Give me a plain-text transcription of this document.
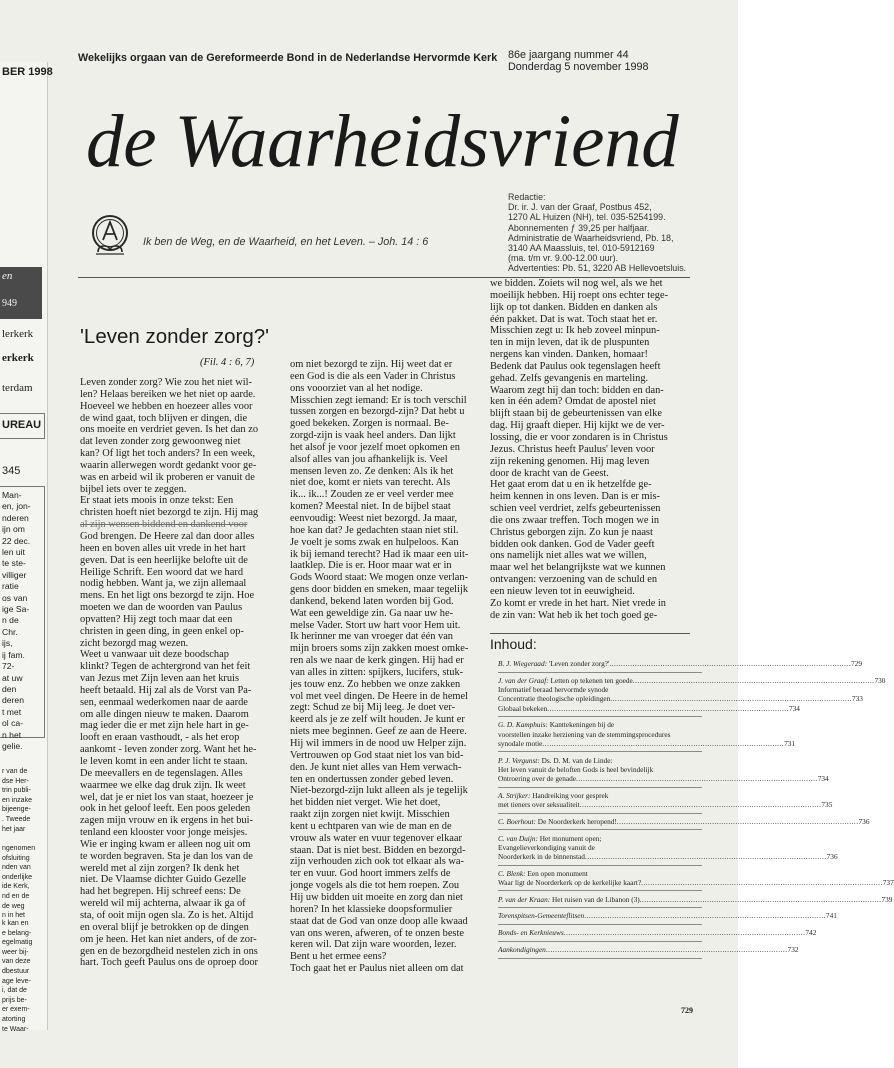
BER 1998
en
949
lerkerk
erkerk
terdam
UREAU
345
Man-
en, jon-
nderen
ijn om
22 dec.
len uit
te ste-
villiger
ratie
os van
ige Sa-
n de
Chr.
ijs,
ij fam.
72-
at uw
den
deren
t met
ol ca-
n het
gelie.
r van de
dse Her-
trin publi-
en inzake
bijeenge-
. Tweede
het jaar
ngenomen
ofsluiting
nden van
onderlijke
ide Kerk,
nd en de
de weg
n in het
k kan en
e belang-
egelmatig
weer bij-
van deze
dbestuur
age leve-
i, dat de
prijs be-
er exem-
atorting
te Waar-
Wekelijks orgaan van de Gereformeerde Bond in de Nederlandse Hervormde Kerk 86e jaargang nummer 44
Donderdag 5 november 1998
de Waarheidsvriend
Ik ben de Weg, en de Waarheid, en het Leven. – Joh. 14 : 6
Redactie:
Dr. ir. J. van der Graaf, Postbus 452,
1270 AL Huizen (NH), tel. 035-5254199.
Abonnementen ƒ 39,25 per halfjaar.
Administratie de Waarheidsvriend, Pb. 18,
3140 AA Maassluis, tel. 010-5912169
(ma. t/m vr. 9.00-12.00 uur).
Advertenties: Pb. 51, 3220 AB Hellevoetsluis.
'Leven zonder zorg?'
(Fil. 4 : 6, 7)
Leven zonder zorg? Wie zou het niet wil-
len? Helaas bereiken we het niet op aarde.
Hoeveel we hebben en hoezeer alles voor
de wind gaat, toch blijven er dingen, die
ons moeite en verdriet geven. Is het dan zo
dat leven zonder zorg gewoonweg niet
kan? Of ligt het toch anders? In een week,
waarin allerwegen wordt gedankt voor ge-
was en arbeid wil ik proberen er vanuit de
bijbel iets over te zeggen.
Er staat iets moois in onze tekst: Een
christen hoeft niet bezorgd te zijn. Hij mag
al zijn wensen biddend en dankend voor
God brengen. De Heere zal dan door alles
heen en boven alles uit vrede in het hart
geven. Dat is een heerlijke belofte uit de
Heilige Schrift. Een woord dat we hard
nodig hebben. Want ja, we zijn allemaal
mens. En het ligt ons bezorgd te zijn. Hoe
moeten we dan de woorden van Paulus
opvatten? Hij zegt toch maar dat een
christen in geen ding, in geen enkel op-
zicht bezorgd mag wezen.
Weet u vanwaar uit deze boodschap
klinkt? Tegen de achtergrond van het feit
van Jezus met Zijn leven aan het kruis
heeft betaald. Hij zal als de Vorst van Pa-
sen, eenmaal wederkomen naar de aarde
om alle dingen nieuw te maken. Daarom
mag ieder die er met zijn hele hart in ge-
looft en eraan vasthoudt, - als het erop
aankomt - leven zonder zorg. Want het he-
le leven komt in een ander licht te staan.
De meevallers en de tegenslagen. Alles
waarmee we elke dag druk zijn. Ik weet
wel, dat je er niet los van staat, hoezeer je
ook in het geloof leeft. Een poos geleden
zagen mijn vrouw en ik ergens in het bui-
tenland een klooster voor jonge meisjes.
Wie er inging kwam er alleen nog uit om
te worden begraven. Sta je dan los van de
wereld met al zijn zorgen? Ik denk het
niet. De Vlaamse dichter Guido Gezelle
had het begrepen. Hij schreef eens: De
wereld wil mij achterna, alwaar ik ga of
sta, of ooit mijn ogen sla. Zo is het. Altijd
en overal blijf je betrokken op de dingen
om je heen. Het kan niet anders, of de zor-
gen en de bezorgdheid nestelen zich in ons
hart. Toch geeft Paulus ons de oproep door
om niet bezorgd te zijn. Hij weet dat er
een God is die als een Vader in Christus
ons vooorziet van al het nodige.
Misschien zegt iemand: Er is toch verschil
tussen zorgen en bezorgd-zijn? Dat hebt u
goed bekeken. Zorgen is normaal. Be-
zorgd-zijn is vaak heel anders. Dan lijkt
het alsof je voor jezelf moet opkomen en
alsof alles van jou afhankelijk is. Veel
mensen leven zo. Ze denken: Als ik het
niet doe, komt er niets van terecht. Als
ik... ik...! Zouden ze er veel verder mee
komen? Meestal niet. In de bijbel staat
eenvoudig: Weest niet bezorgd. Ja maar,
hoe kan dat? Je gedachten staan niet stil.
Je voelt je soms zwak en hulpeloos. Kan
ik bij iemand terecht? Had ik maar een uit-
laatklep. Die is er. Hoor maar wat er in
Gods Woord staat: We mogen onze verlan-
gens door bidden en smeken, maar tegelijk
dankend, bekend laten worden bij God.
Wat een geweldige zin. Ga naar uw he-
melse Vader. Stort uw hart voor Hem uit.
Ik herinner me van vroeger dat één van
mijn broers soms zijn zakken moest omke-
ren als we naar de kerk gingen. Hij had er
van alles in zitten: spijkers, lucifers, stuk-
jes touw enz. Zo hebben we onze zakken
vol met veel dingen. De Heere in de hemel
zegt: Schud ze bij Mij leeg. Je doet ver-
keerd als je ze zelf wilt houden. Je kunt er
niets mee beginnen. Geef ze aan de Heere.
Hij wil immers in de nood uw Helper zijn.
Vertrouwen op God staat niet los van bid-
den. Je kunt niet alles van Hem verwach-
ten en ondertussen zonder gebed leven.
Niet-bezorgd-zijn lukt alleen als je tegelijk
het bidden niet verget. Wie het doet,
raakt zijn zorgen niet kwijt. Misschien
kent u echtparen van wie de man en de
vrouw als water en vuur tegenover elkaar
staan. Dat is niet best. Bidden en bezorgd-
zijn verhouden zich ook tot elkaar als wa-
ter en vuur. God hoort immers zelfs de
jonge vogels als die tot hem roepen. Zou
Hij uw bidden uit moeite en zorg dan niet
horen? In het klassieke doopsformulier
staat dat de God van onze doop alle kwaad
van ons weren, afweren, of te onzen beste
keren wil. Dat zijn ware woorden, lezer.
Bent u het ermee eens?
Toch gaat het er Paulus niet alleen om dat
we bidden. Zoiets wil nog wel, als we het
moeilijk hebben. Hij roept ons echter tege-
lijk op tot danken. Bidden en danken als
één pakket. Dat is wat. Toch staat het er.
Misschien zegt u: Ik heb zoveel minpun-
ten in mijn leven, dat ik de pluspunten
nergens kan vinden. Danken, homaar!
Bedenk dat Paulus ook tegenslagen heeft
gehad. Zelfs gevangenis en marteling.
Waarom zegt hij dan toch: bidden en dan-
ken in één adem? Omdat de apostel niet
blijft staan bij de gebeurtenissen van elke
dag. Hij graaft dieper. Hij kijkt we de ver-
lossing, die er voor zondaren is in Christus
Jezus. Christus heeft Paulus' leven voor
zijn rekening genomen. Hij mag leven
door de kracht van de Geest.
Het gaat erom dat u en ik hetzelfde ge-
heim kennen in ons leven. Dan is er mis-
schien veel verdriet, zelfs gebeurtenissen
die ons zwaar treffen. Toch mogen we in
Christus geborgen zijn. Zo kun je naast
bidden ook danken. God de Vader geeft
ons namelijk niet alles wat we willen,
maar wel het belangrijkste wat we kunnen
ontvangen: verzoening van de schuld en
een nieuw leven tot in eeuwigheid.
Zo komt er vrede in het hart. Niet vrede in
de zin van: Wat heb ik het toch goed ge-
Inhoud:
B. J. Wiegeraad: 'Leven zonder zorg?' .....	729
J. van der Graaf: Letten op tekenen ten goede .....	730
Informatief beraad hervormde synode
Concentratie theologische opleidingen .....	733
Globaal bekeken .....	734
G. D. Kamphuis: Kanttekeningen bij de
voorstellen inzake herziening van de stemmingsprocedures
synodale motie .....	731
P. J. Vergunst: Ds. D. M. van de Linde:
Het leven vanuit de beloften Gods is heel bevindelijk
Ontroering over de genade .....	734
A. Strijker: Handreiking voor gesprek
met tieners over seksualiteit .....	735
C. Boerhout: De Noorderkerk heropend! .....	736
C. van Duijn: Het monument open;
Evangelieverkondiging vanuit de
Noorderkerk in de binnenstad .....	736
C. Blenk: Een open monument
Waar ligt de Noorderkerk op de kerkelijke kaart? .....	737
P. van der Kraan: Het ruisen van de Libanon (3) .....	739
Torenspitsen-Gemeenteflitsen .....	741
Bonds- en Kerknieuws .....	742
Aankondigingen .....	732
729
